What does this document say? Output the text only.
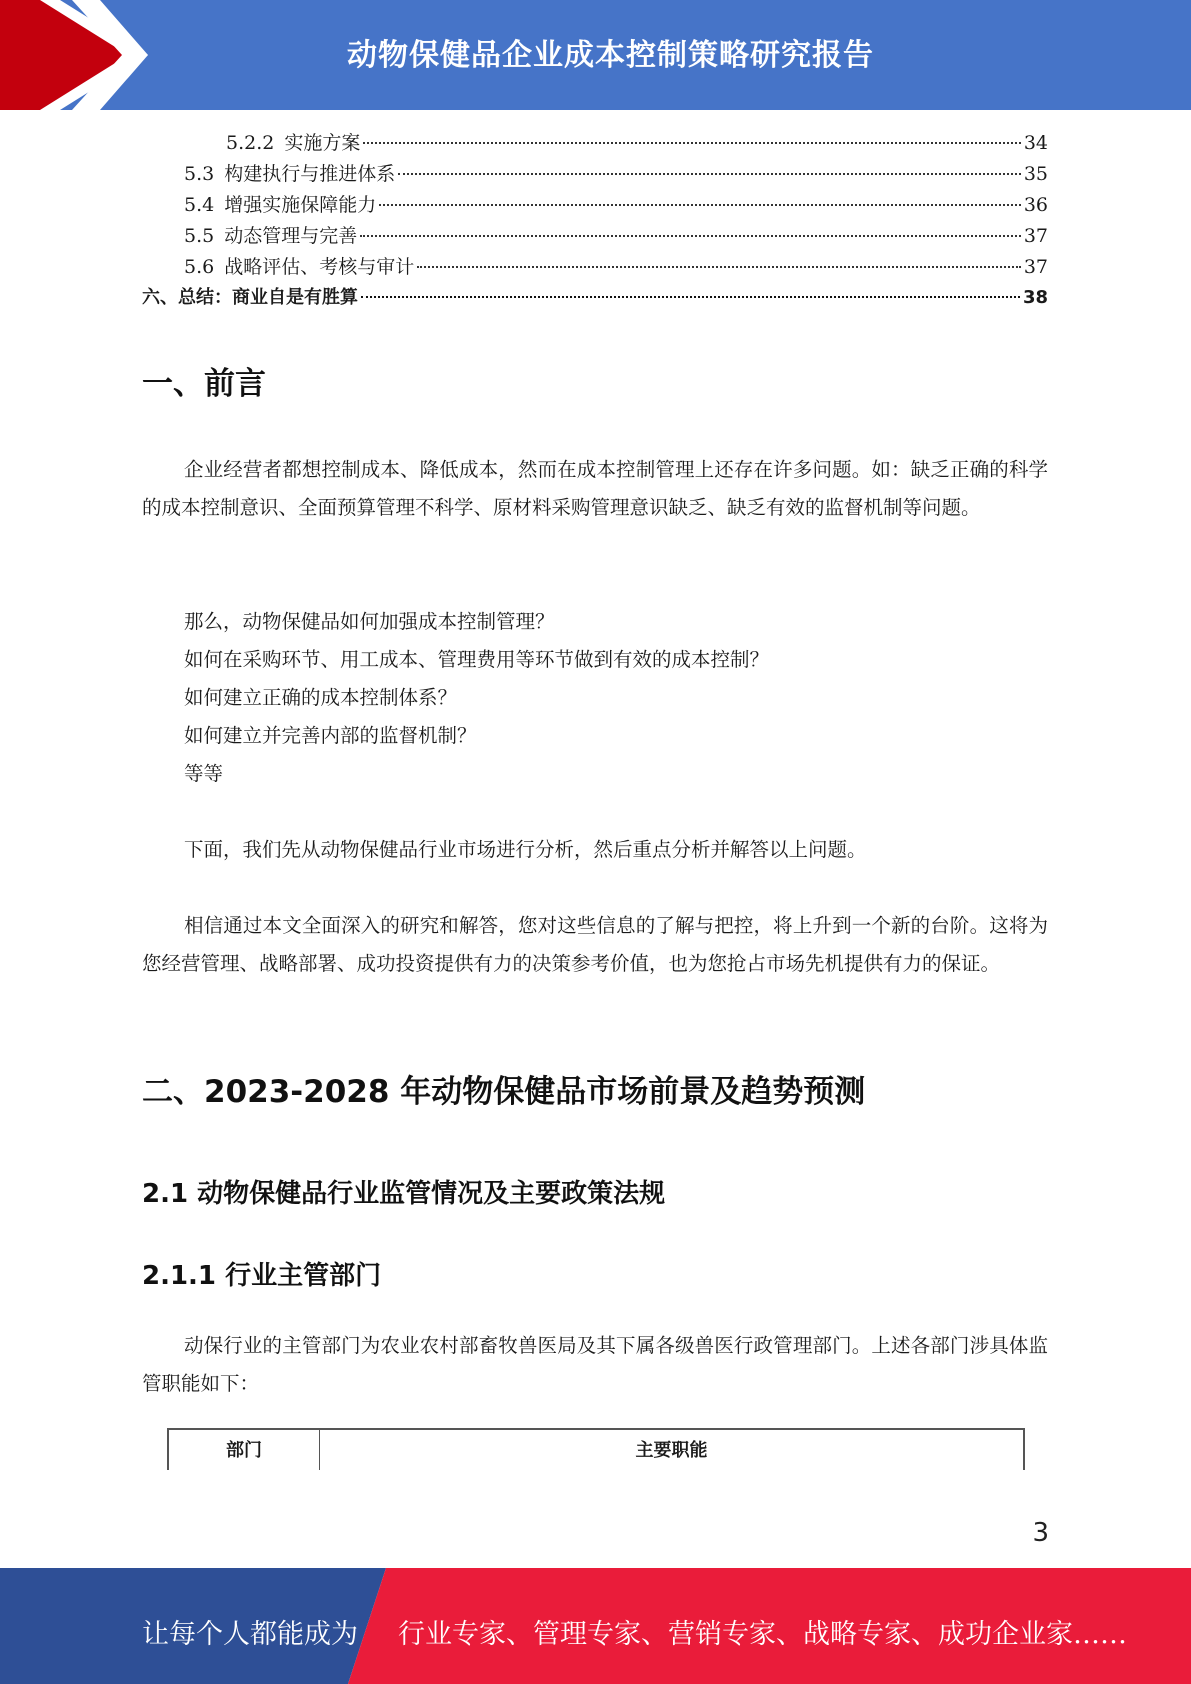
动物保健品企业成本控制策略研究报告
5.2.2 实施方案	34
5.3 构建执行与推进体系	35
5.4 增强实施保障能力	36
5.5 动态管理与完善	37
5.6 战略评估、考核与审计	37
六、总结：商业自是有胜算	38
一、前言

企业经营者都想控制成本、降低成本，然而在成本控制管理上还存在许多问题。如：缺乏正确的科学的成本控制意识、全面预算管理不科学、原材料采购管理意识缺乏、缺乏有效的监督机制等问题。

那么，动物保健品如何加强成本控制管理？
如何在采购环节、用工成本、管理费用等环节做到有效的成本控制？
如何建立正确的成本控制体系？
如何建立并完善内部的监督机制？
等等

下面，我们先从动物保健品行业市场进行分析，然后重点分析并解答以上问题。

相信通过本文全面深入的研究和解答，您对这些信息的了解与把控，将上升到一个新的台阶。这将为您经营管理、战略部署、成功投资提供有力的决策参考价值，也为您抢占市场先机提供有力的保证。

二、2023-2028 年动物保健品市场前景及趋势预测
2.1 动物保健品行业监管情况及主要政策法规
2.1.1 行业主管部门

动保行业的主管部门为农业农村部畜牧兽医局及其下属各级兽医行政管理部门。上述各部门涉具体监管职能如下：

部门	主要职能
3
让每个人都能成为 行业专家、管理专家、营销专家、战略专家、成功企业家……
